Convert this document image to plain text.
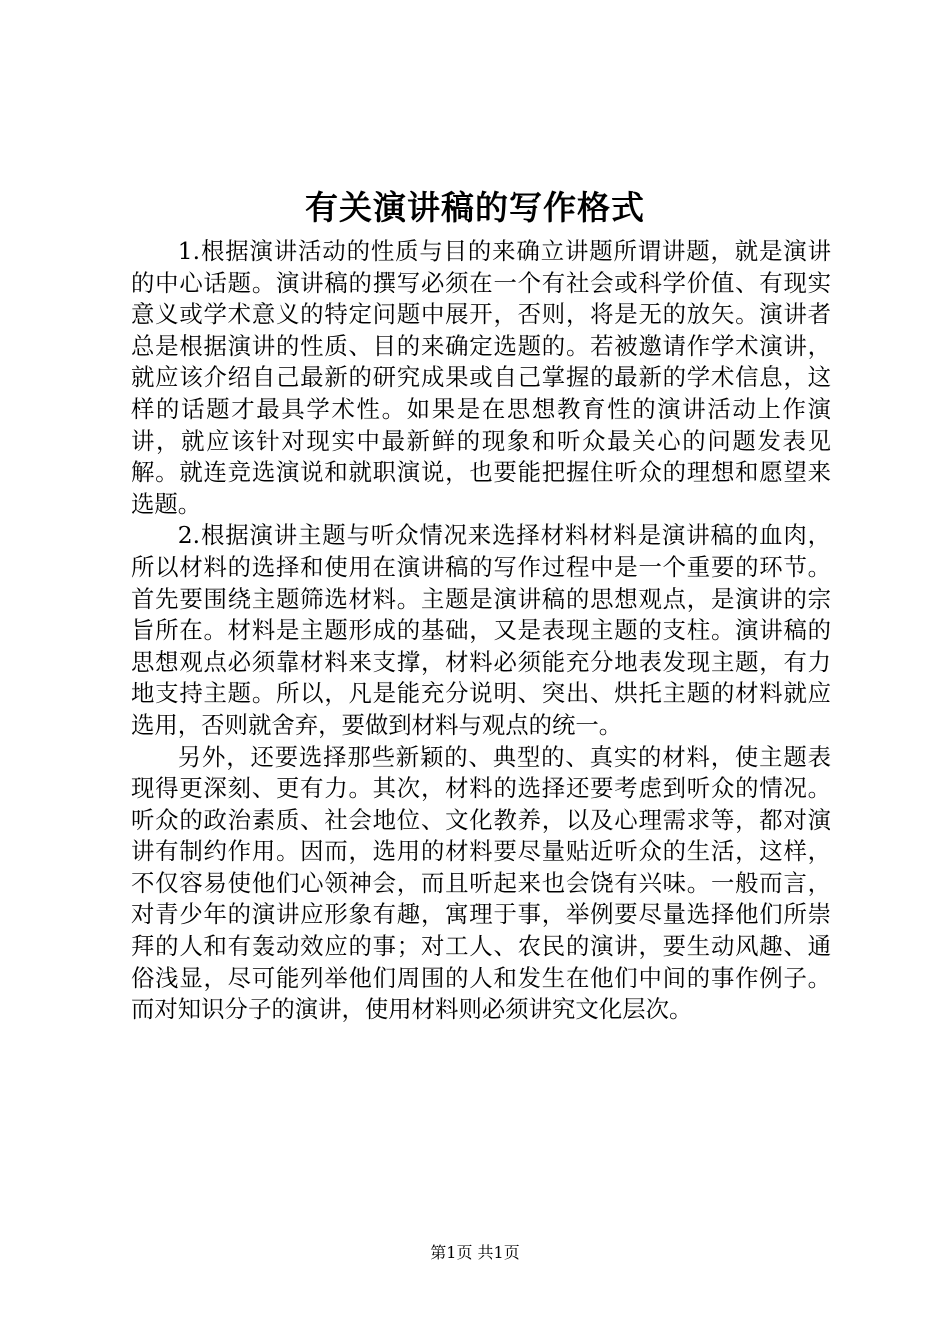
有关演讲稿的写作格式

1.根据演讲活动的性质与目的来确立讲题所谓讲题，就是演讲的中心话题。演讲稿的撰写必须在一个有社会或科学价值、有现实意义或学术意义的特定问题中展开，否则，将是无的放矢。演讲者总是根据演讲的性质、目的来确定选题的。若被邀请作学术演讲，就应该介绍自己最新的研究成果或自己掌握的最新的学术信息，这样的话题才最具学术性。如果是在思想教育性的演讲活动上作演讲，就应该针对现实中最新鲜的现象和听众最关心的问题发表见解。就连竞选演说和就职演说，也要能把握住听众的理想和愿望来选题。

2.根据演讲主题与听众情况来选择材料材料是演讲稿的血肉，所以材料的选择和使用在演讲稿的写作过程中是一个重要的环节。首先要围绕主题筛选材料。主题是演讲稿的思想观点，是演讲的宗旨所在。材料是主题形成的基础，又是表现主题的支柱。演讲稿的思想观点必须靠材料来支撑，材料必须能充分地表发现主题，有力地支持主题。所以，凡是能充分说明、突出、烘托主题的材料就应选用，否则就舍弃，要做到材料与观点的统一。

另外，还要选择那些新颖的、典型的、真实的材料，使主题表现得更深刻、更有力。其次，材料的选择还要考虑到听众的情况。听众的政治素质、社会地位、文化教养，以及心理需求等，都对演讲有制约作用。因而，选用的材料要尽量贴近听众的生活，这样，不仅容易使他们心领神会，而且听起来也会饶有兴味。一般而言，对青少年的演讲应形象有趣，寓理于事，举例要尽量选择他们所崇拜的人和有轰动效应的事；对工人、农民的演讲，要生动风趣、通俗浅显，尽可能列举他们周围的人和发生在他们中间的事作例子。而对知识分子的演讲，使用材料则必须讲究文化层次。

第1页 共1页
